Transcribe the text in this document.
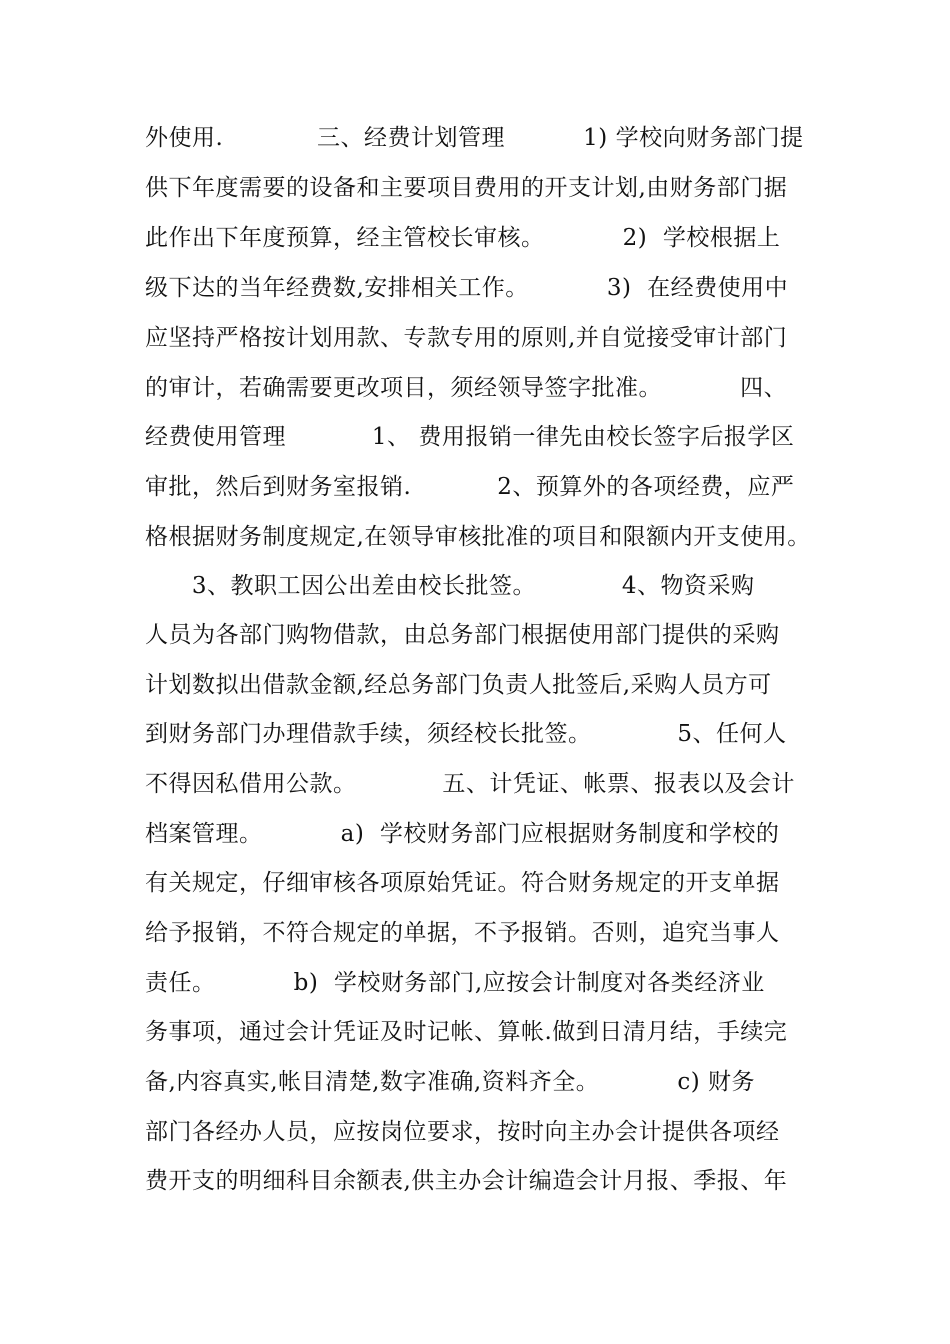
外使用.            三、经费计划管理          1) 学校向财务部门提
供下年度需要的设备和主要项目费用的开支计划,由财务部门据
此作出下年度预算，经主管校长审核。          2)  学校根据上
级下达的当年经费数,安排相关工作。          3)  在经费使用中
应坚持严格按计划用款、专款专用的原则,并自觉接受审计部门
的审计，若确需要更改项目，须经领导签字批准。          四、
经费使用管理           1、 费用报销一律先由校长签字后报学区
审批，然后到财务室报销.           2、预算外的各项经费，应严
格根据财务制度规定,在领导审核批准的项目和限额内开支使用。
3、教职工因公出差由校长批签。           4、物资采购
人员为各部门购物借款，由总务部门根据使用部门提供的采购
计划数拟出借款金额,经总务部门负责人批签后,采购人员方可
到财务部门办理借款手续，须经校长批签。           5、任何人
不得因私借用公款。           五、计凭证、帐票、报表以及会计
档案管理。          a)  学校财务部门应根据财务制度和学校的
有关规定，仔细审核各项原始凭证。符合财务规定的开支单据
给予报销，不符合规定的单据，不予报销。否则，追究当事人
责任。          b)  学校财务部门,应按会计制度对各类经济业
务事项，通过会计凭证及时记帐、算帐.做到日清月结，手续完
备,内容真实,帐目清楚,数字准确,资料齐全。          c) 财务
部门各经办人员，应按岗位要求，按时向主办会计提供各项经
费开支的明细科目余额表,供主办会计编造会计月报、季报、年
